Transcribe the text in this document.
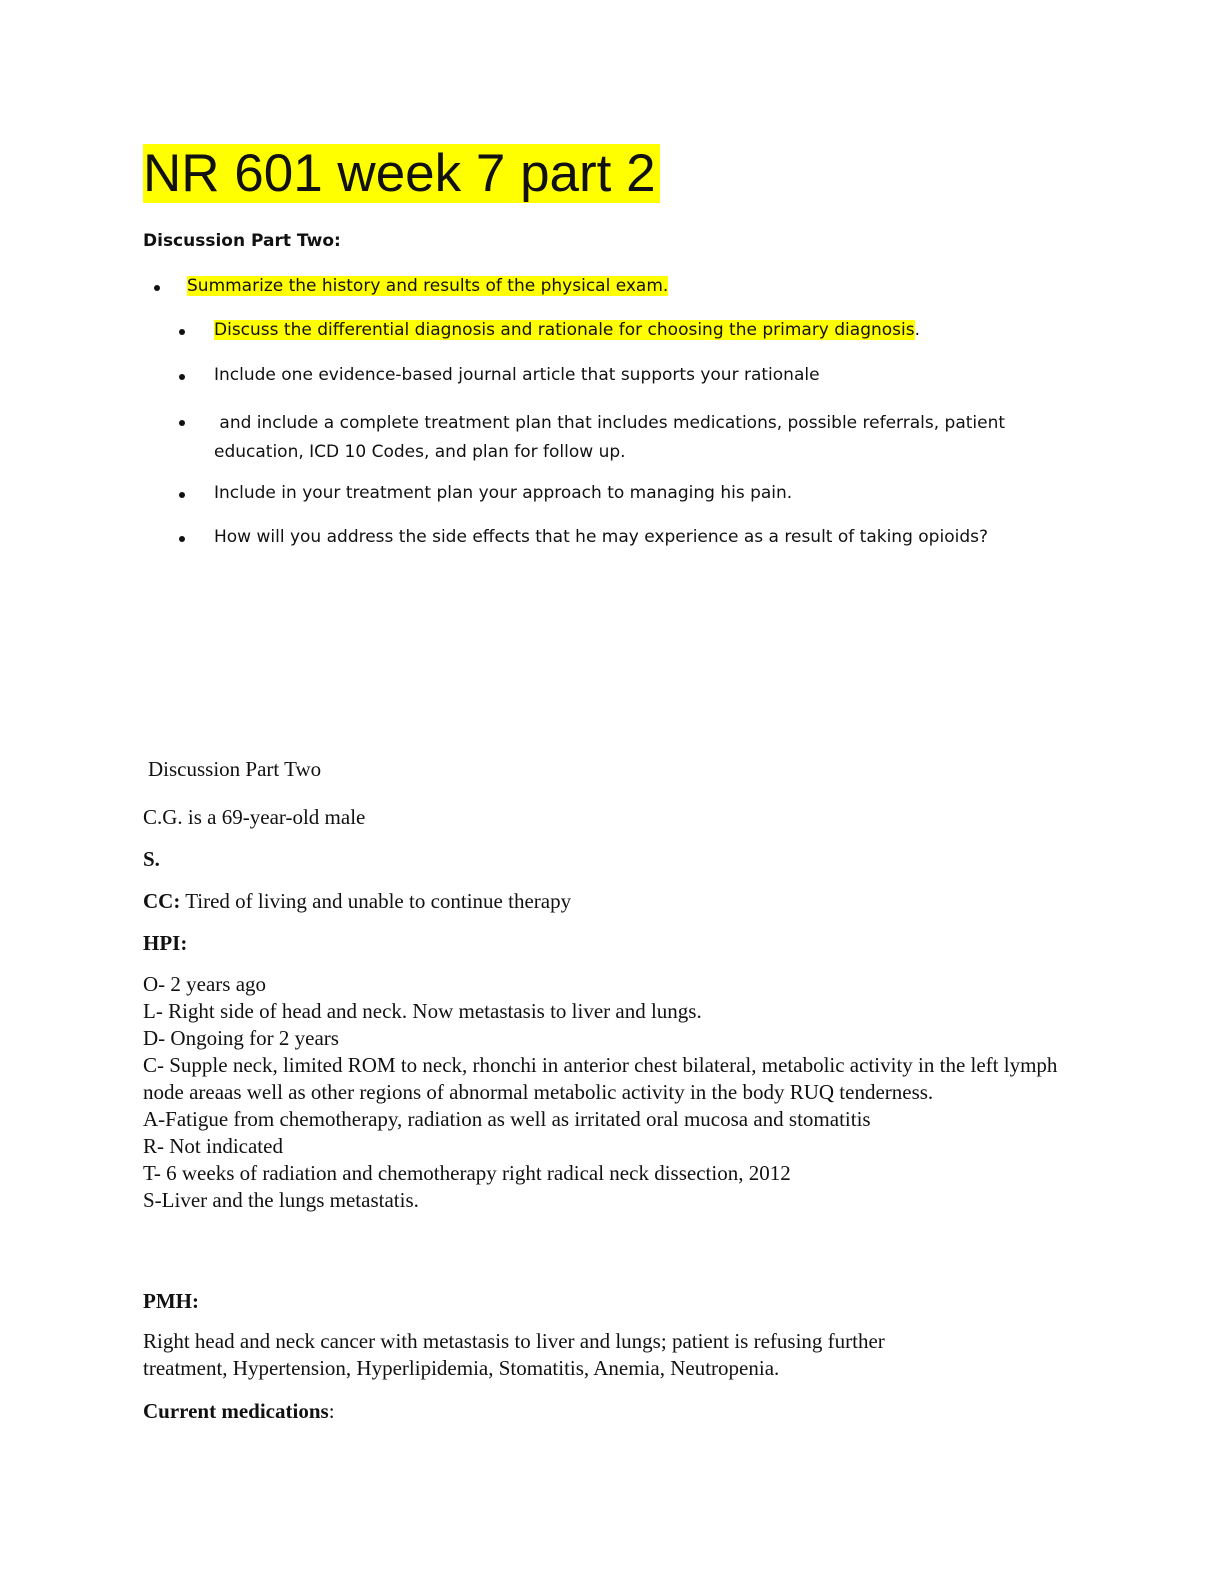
NR 601 week 7 part 2
Discussion Part Two:
Summarize the history and results of the physical exam.
Discuss the differential diagnosis and rationale for choosing the primary diagnosis.
Include one evidence-based journal article that supports your rationale
and include a complete treatment plan that includes medications, possible referrals, patient
education, ICD 10 Codes, and plan for follow up.
Include in your treatment plan your approach to managing his pain.
How will you address the side effects that he may experience as a result of taking opioids?
Discussion Part Two
C.G. is a 69-year-old male
S.
CC: Tired of living and unable to continue therapy
HPI:
O- 2 years ago
L- Right side of head and neck. Now metastasis to liver and lungs.
D- Ongoing for 2 years
C- Supple neck, limited ROM to neck, rhonchi in anterior chest bilateral, metabolic activity in the left lymph node areaas well as other regions of abnormal metabolic activity in the body RUQ tenderness.
A-Fatigue from chemotherapy, radiation as well as irritated oral mucosa and stomatitis
R- Not indicated
T- 6 weeks of radiation and chemotherapy right radical neck dissection, 2012
S-Liver and the lungs metastatis.
PMH:
Right head and neck cancer with metastasis to liver and lungs; patient is refusing further
treatment, Hypertension, Hyperlipidemia, Stomatitis, Anemia, Neutropenia.
Current medications:
